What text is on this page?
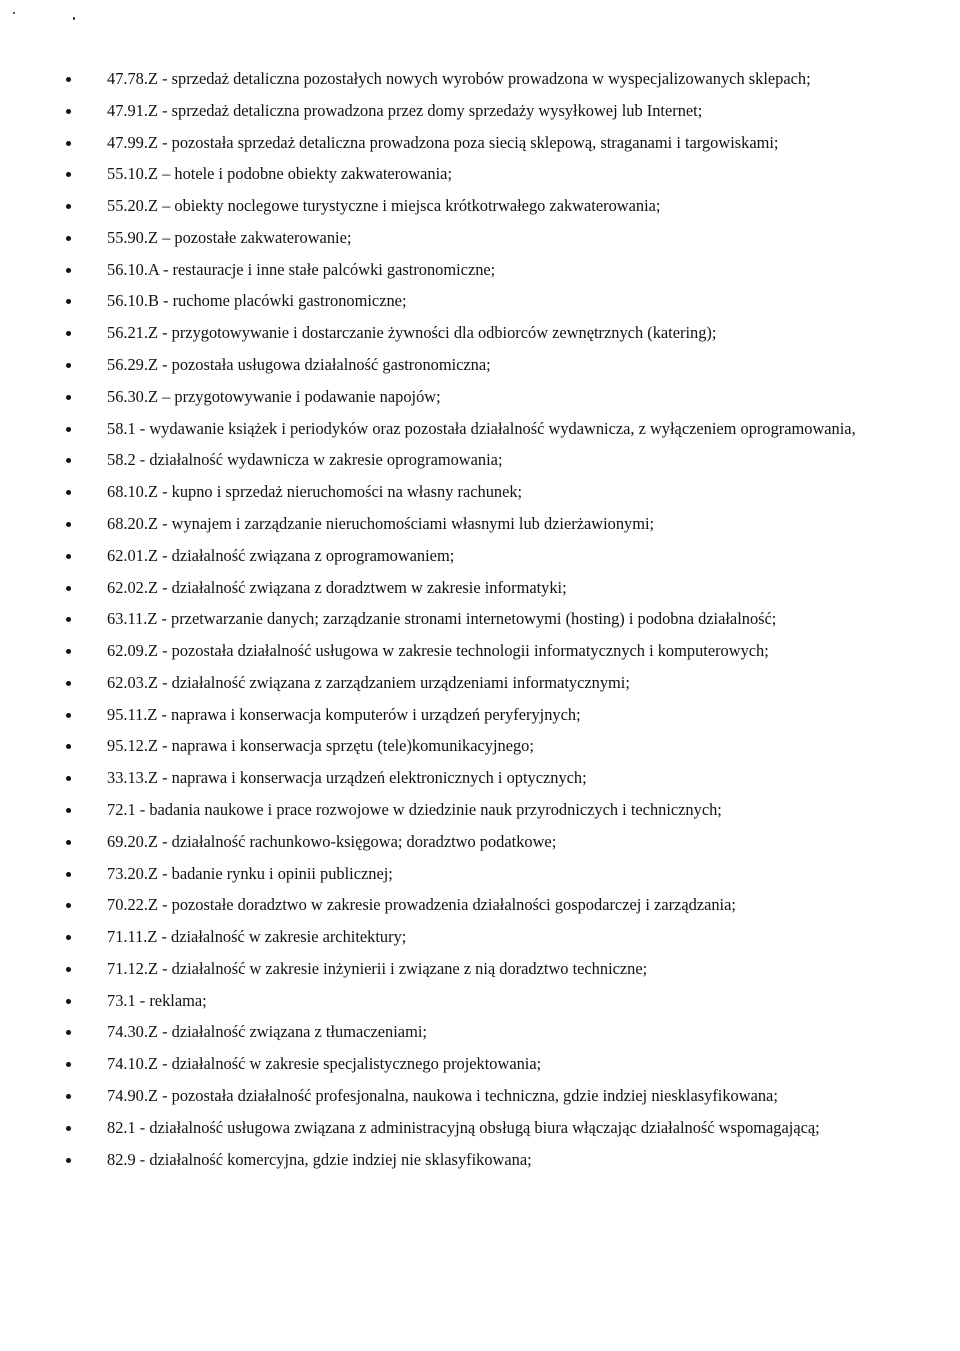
47.78.Z - sprzedaż detaliczna pozostałych nowych wyrobów prowadzona w wyspecjalizowanych sklepach;
47.91.Z - sprzedaż detaliczna prowadzona przez domy sprzedaży wysyłkowej lub Internet;
47.99.Z - pozostała sprzedaż detaliczna prowadzona poza siecią sklepową, straganami i targowiskami;
55.10.Z – hotele i podobne obiekty zakwaterowania;
55.20.Z – obiekty noclegowe turystyczne i miejsca krótkotrwałego zakwaterowania;
55.90.Z – pozostałe zakwaterowanie;
56.10.A - restauracje i inne stałe palcówki gastronomiczne;
56.10.B - ruchome placówki gastronomiczne;
56.21.Z - przygotowywanie i dostarczanie żywności dla odbiorców zewnętrznych (katering);
56.29.Z - pozostała usługowa działalność gastronomiczna;
56.30.Z – przygotowywanie i podawanie napojów;
58.1 - wydawanie książek i periodyków oraz pozostała działalność wydawnicza, z wyłączeniem oprogramowania,
58.2 - działalność wydawnicza w zakresie oprogramowania;
68.10.Z - kupno i sprzedaż nieruchomości na własny rachunek;
68.20.Z - wynajem i zarządzanie nieruchomościami własnymi lub dzierżawionymi;
62.01.Z - działalność związana z oprogramowaniem;
62.02.Z - działalność związana z doradztwem w zakresie informatyki;
63.11.Z - przetwarzanie danych; zarządzanie stronami internetowymi (hosting) i podobna działalność;
62.09.Z - pozostała działalność usługowa w zakresie technologii informatycznych i komputerowych;
62.03.Z - działalność związana z zarządzaniem urządzeniami informatycznymi;
95.11.Z - naprawa i konserwacja komputerów i urządzeń peryferyjnych;
95.12.Z - naprawa i konserwacja sprzętu (tele)komunikacyjnego;
33.13.Z - naprawa i konserwacja urządzeń elektronicznych i optycznych;
72.1 - badania naukowe i prace rozwojowe w dziedzinie nauk przyrodniczych i technicznych;
69.20.Z - działalność rachunkowo-księgowa; doradztwo podatkowe;
73.20.Z - badanie rynku i opinii publicznej;
70.22.Z - pozostałe doradztwo w zakresie prowadzenia działalności gospodarczej i zarządzania;
71.11.Z - działalność w zakresie architektury;
71.12.Z - działalność w zakresie inżynierii i związane z nią doradztwo techniczne;
73.1 - reklama;
74.30.Z - działalność związana z tłumaczeniami;
74.10.Z - działalność w zakresie specjalistycznego projektowania;
74.90.Z - pozostała działalność profesjonalna, naukowa i techniczna, gdzie indziej niesklasyfikowana;
82.1 - działalność usługowa związana z administracyjną obsługą biura włączając działalność wspomagającą;
82.9 - działalność komercyjna, gdzie indziej nie sklasyfikowana;
